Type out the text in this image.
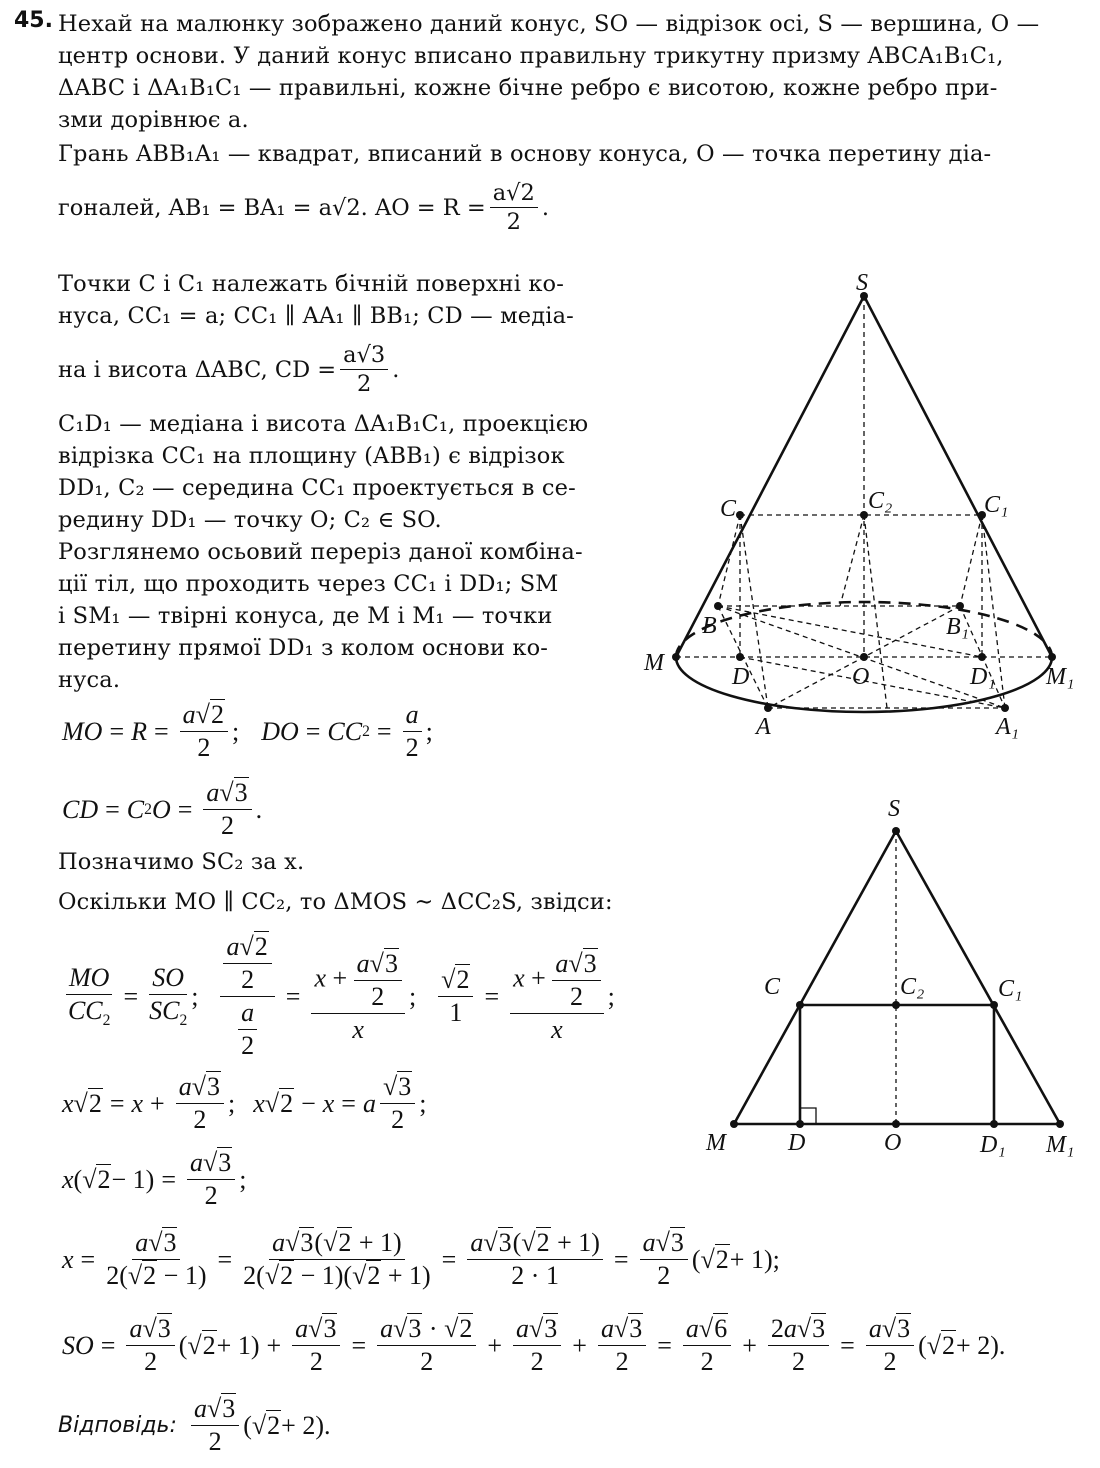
45. Нехай на малюнку зображено даний конус, SO — відрізок осі, S — вершина, O —
центр основи. У даний конус вписано правильну трикутну призму ABCA₁B₁C₁,
ΔABC і ΔA₁B₁C₁ — правильні, кожне бічне ребро є висотою, кожне ребро при-
зми дорівнює a.
Грань ABB₁A₁ — квадрат, вписаний в основу конуса, O — точка перетину діа-
гоналей, AB₁ = BA₁ = a√2. AO = $R = \frac{a√2}{2}$ .
Точки C і C₁ належать бічній поверхні ко-
нуса, CC₁ = a; CC₁ ∥ AA₁ ∥ BB₁; CD — медіа-
на і висота ΔABC, CD = $\frac{a√3}{2}$ .
C₁D₁ — медіана і висота ΔA₁B₁C₁, проекцією
відрізка CC₁ на площину (ABB₁) є відрізок
DD₁, C₂ — середина CC₁ проектується в се-
редину DD₁ — точку O; C₂ ∈ SO.
Розглянемо осьовий переріз даної комбіна-
ції тіл, що проходить через CC₁ і DD₁; SM
і SM₁ — твірні конуса, де M і M₁ — точки
перетину прямої DD₁ з колом основи ко-
нуса.
MO = $R = \frac{a√2}{2}$ ; DO = CC $2 = \frac{a}{2}$ ;
CD = C 2 $O = \frac{a√3}{2}$ .
Позначимо SC₂ за x.
Оскільки MO ∥ CC₂, то ΔMOS ∼ ΔCC₂S, звідси:
$\frac{MO}{CC_2} = \frac{SO}{SC_2}$ ; $\frac{\frac{a√2}{2}}{\frac{a}{2}} = \frac{x + \frac{a√3}{2}}{x}$ ; $\frac{√2}{1} = \frac{x + \frac{a√3}{2}}{x}$ ;
x √ $2 = x + \frac{a√3}{2}$ ; x √ 2 − x = a $\frac{√3}{2}$ ;
x (√ $2 - 1) = \frac{a√3}{2}$ ;
$x = \frac{a√3}{2(√2 - 1)} = \frac{a√3(√2 + 1)}{2(√2 - 1)(√2 + 1)} = \frac{a√3(√2 + 1)}{2 \cdot 1} = \frac{a√3}{2}$ (√ 2 + 1);
SO = $\frac{a√3}{2}$ (√ $2 + 1) + \frac{a√3}{2} = \frac{a√3 \cdot √2}{2} + \frac{a√3}{2} + \frac{a√3}{2} = \frac{a√6}{2} + \frac{2a√3}{2} = \frac{a√3}{2}$ (√ 2 + 2).
Відповідь: $\frac{a√3}{2}$ (√ 2 + 2).
S
C	C₂	C₁
B	B₁
M
D	O	D₁ M₁
A	A₁
S
C	C₂	C₁
M	D	O	D₁ M₁
